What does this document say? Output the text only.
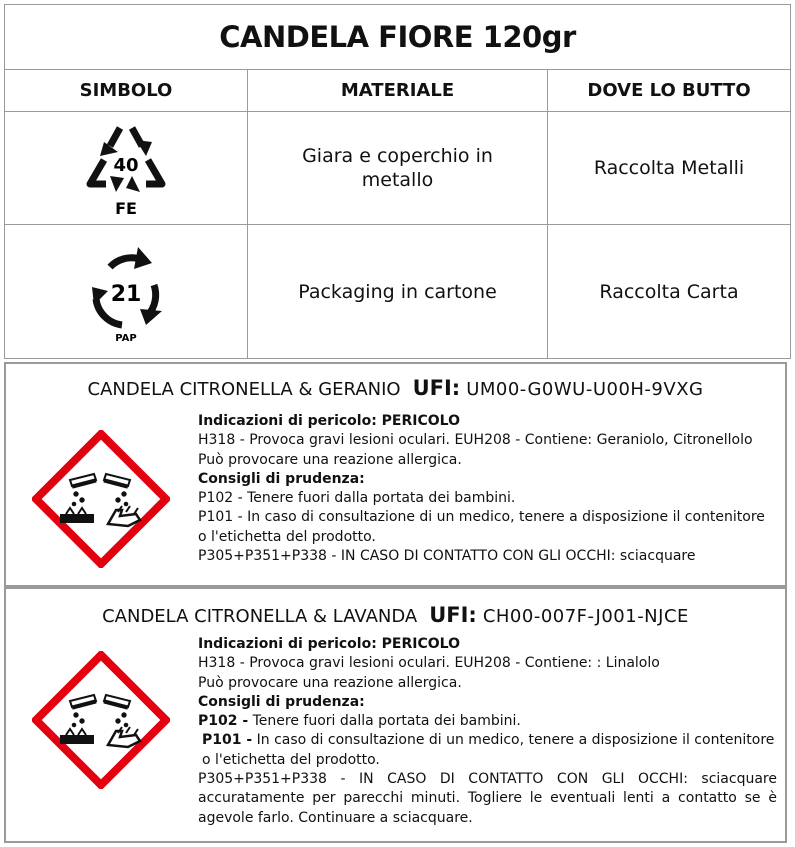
CANDELA FIORE 120gr		
SIMBOLO	MATERIALE	DOVE LO BUTTO

40
FE	Giara e coperchio in metallo	Raccolta Metalli

21
PAP	Packaging in cartone	Raccolta Carta
CANDELA CITRONELLA & GERANIO UFI: UM00-G0WU-U00H-9VXG

Indicazioni di pericolo: PERICOLO

H318 - Provoca gravi lesioni oculari. EUH208 - Contiene: Geraniolo, Citronellolo

Può provocare una reazione allergica.

Consigli di prudenza:

P102 - Tenere fuori dalla portata dei bambini.

P101 - In caso di consultazione di un medico, tenere a disposizione il contenitore o l'etichetta del prodotto.

P305+P351+P338 - IN CASO DI CONTATTO CON GLI OCCHI: sciacquare

CANDELA CITRONELLA & LAVANDA UFI: CH00-007F-J001-NJCE

Indicazioni di pericolo: PERICOLO

H318 - Provoca gravi lesioni oculari. EUH208 - Contiene: : Linalolo

Può provocare una reazione allergica.

Consigli di prudenza:

P102 - Tenere fuori dalla portata dei bambini.

P101 - In caso di consultazione di un medico, tenere a disposizione il contenitore o l'etichetta del prodotto.

P305+P351+P338 - IN CASO DI CONTATTO CON GLI OCCHI: sciacquare accuratamente per parecchi minuti. Togliere le eventuali lenti a contatto se è agevole farlo. Continuare a sciacquare.
